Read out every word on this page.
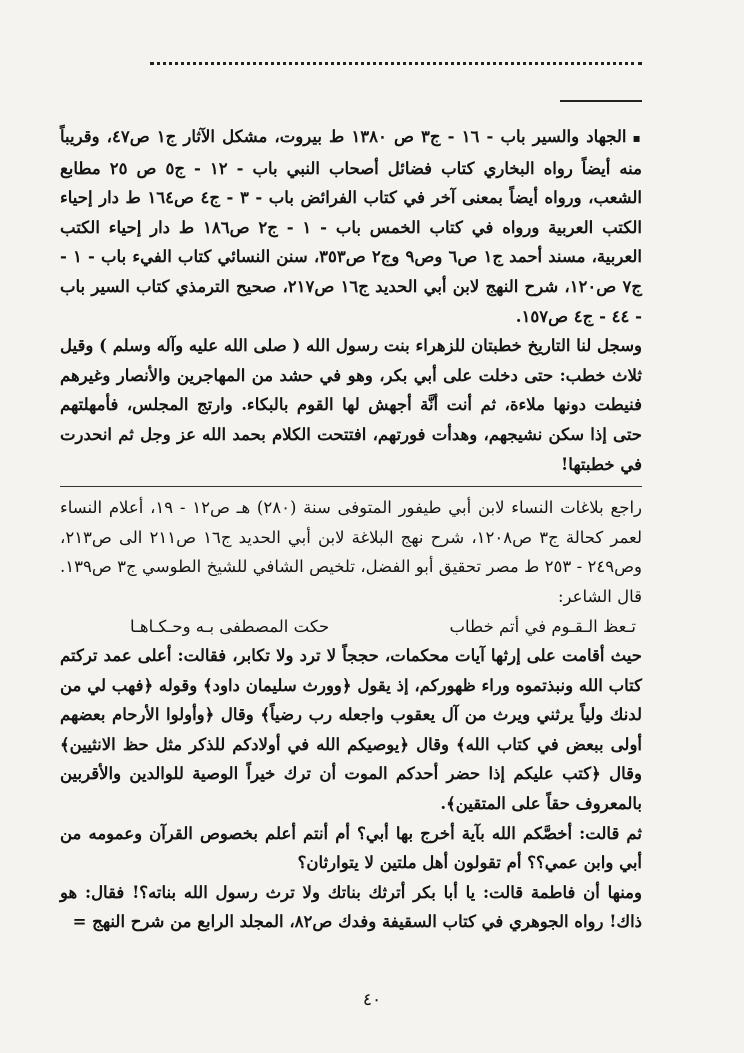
▪ الجهاد والسير باب - ١٦ - ج٣ ص ١٣٨٠ ط بيروت، مشكل الآثار ج١ ص٤٧، وقريباً منه أيضاً رواه البخاري كتاب فضائل أصحاب النبي باب - ١٢ - ج٥ ص ٢٥ مطابع الشعب، ورواه أيضاً بمعنى آخر في كتاب الفرائض باب - ٣ - ج٤ ص١٦٤ ط دار إحياء الكتب العربية ورواه في كتاب الخمس باب - ١ - ج٢ ص١٨٦ ط دار إحياء الكتب العربية، مسند أحمد ج١ ص٦ وص٩ وج٢ ص٣٥٣، سنن النسائي كتاب الفيء باب - ١ - ج٧ ص١٢٠، شرح النهج لابن أبي الحديد ج١٦ ص٢١٧، صحيح الترمذي كتاب السير باب - ٤٤ - ج٤ ص١٥٧.

وسجل لنا التاريخ خطبتان للزهراء بنت رسول الله ( صلى الله عليه وآله وسلم ) وقيل ثلاث خطب: حتى دخلت على أبي بكر، وهو في حشد من المهاجرين والأنصار وغيرهم فنيطت دونها ملاءة، ثم أنت أنَّة أجهش لها القوم بالبكاء. وارتج المجلس، فأمهلتهم حتى إذا سكن نشيجهم، وهدأت فورتهم، افتتحت الكلام بحمد الله عز وجل ثم انحدرت في خطبتها!

راجع بلاغات النساء لابن أبي طيفور المتوفى سنة (٢٨٠) هـ ص١٢ - ١٩، أعلام النساء لعمر كحالة ج٣ ص١٢٠٨، شرح نهج البلاغة لابن أبي الحديد ج١٦ ص٢١١ الى ص٢١٣، وص٢٤٩ - ٢٥٣ ط مصر تحقيق أبو الفضل، تلخيص الشافي للشيخ الطوسي ج٣ ص١٣٩. قال الشاعر:

تـعظ الـقـوم في أتم خطاب
حكت المصطفى بـه وحـكـاهـا

حيث أقامت على إرثها آيات محكمات، حججاً لا ترد ولا تكابر، فقالت: أعلى عمد تركتم كتاب الله ونبذتموه وراء ظهوركم، إذ يقول ﴿وورث سليمان داود﴾ وقوله ﴿فهب لي من لدنك ولياً يرثني ويرث من آل يعقوب واجعله رب رضياً﴾ وقال ﴿وأولوا الأرحام بعضهم أولى ببعض في كتاب الله﴾ وقال ﴿يوصيكم الله في أولادكم للذكر مثل حظ الانثيين﴾ وقال ﴿كتب عليكم إذا حضر أحدكم الموت أن ترك خيراً الوصية للوالدين والأقربين بالمعروف حقاً على المتقين﴾.

ثم قالت: أخصَّكم الله بآية أخرج بها أبي؟ أم أنتم أعلم بخصوص القرآن وعمومه من أبي وابن عمي؟؟ أم تقولون أهل ملتين لا يتوارثان؟

ومنها أن فاطمة قالت: يا أبا بكر أترثك بناتك ولا ترث رسول الله بناته؟! فقال: هو ذاك! رواه الجوهري في كتاب السقيفة وفدك ص٨٢، المجلد الرابع من شرح النهج =

٤٠
